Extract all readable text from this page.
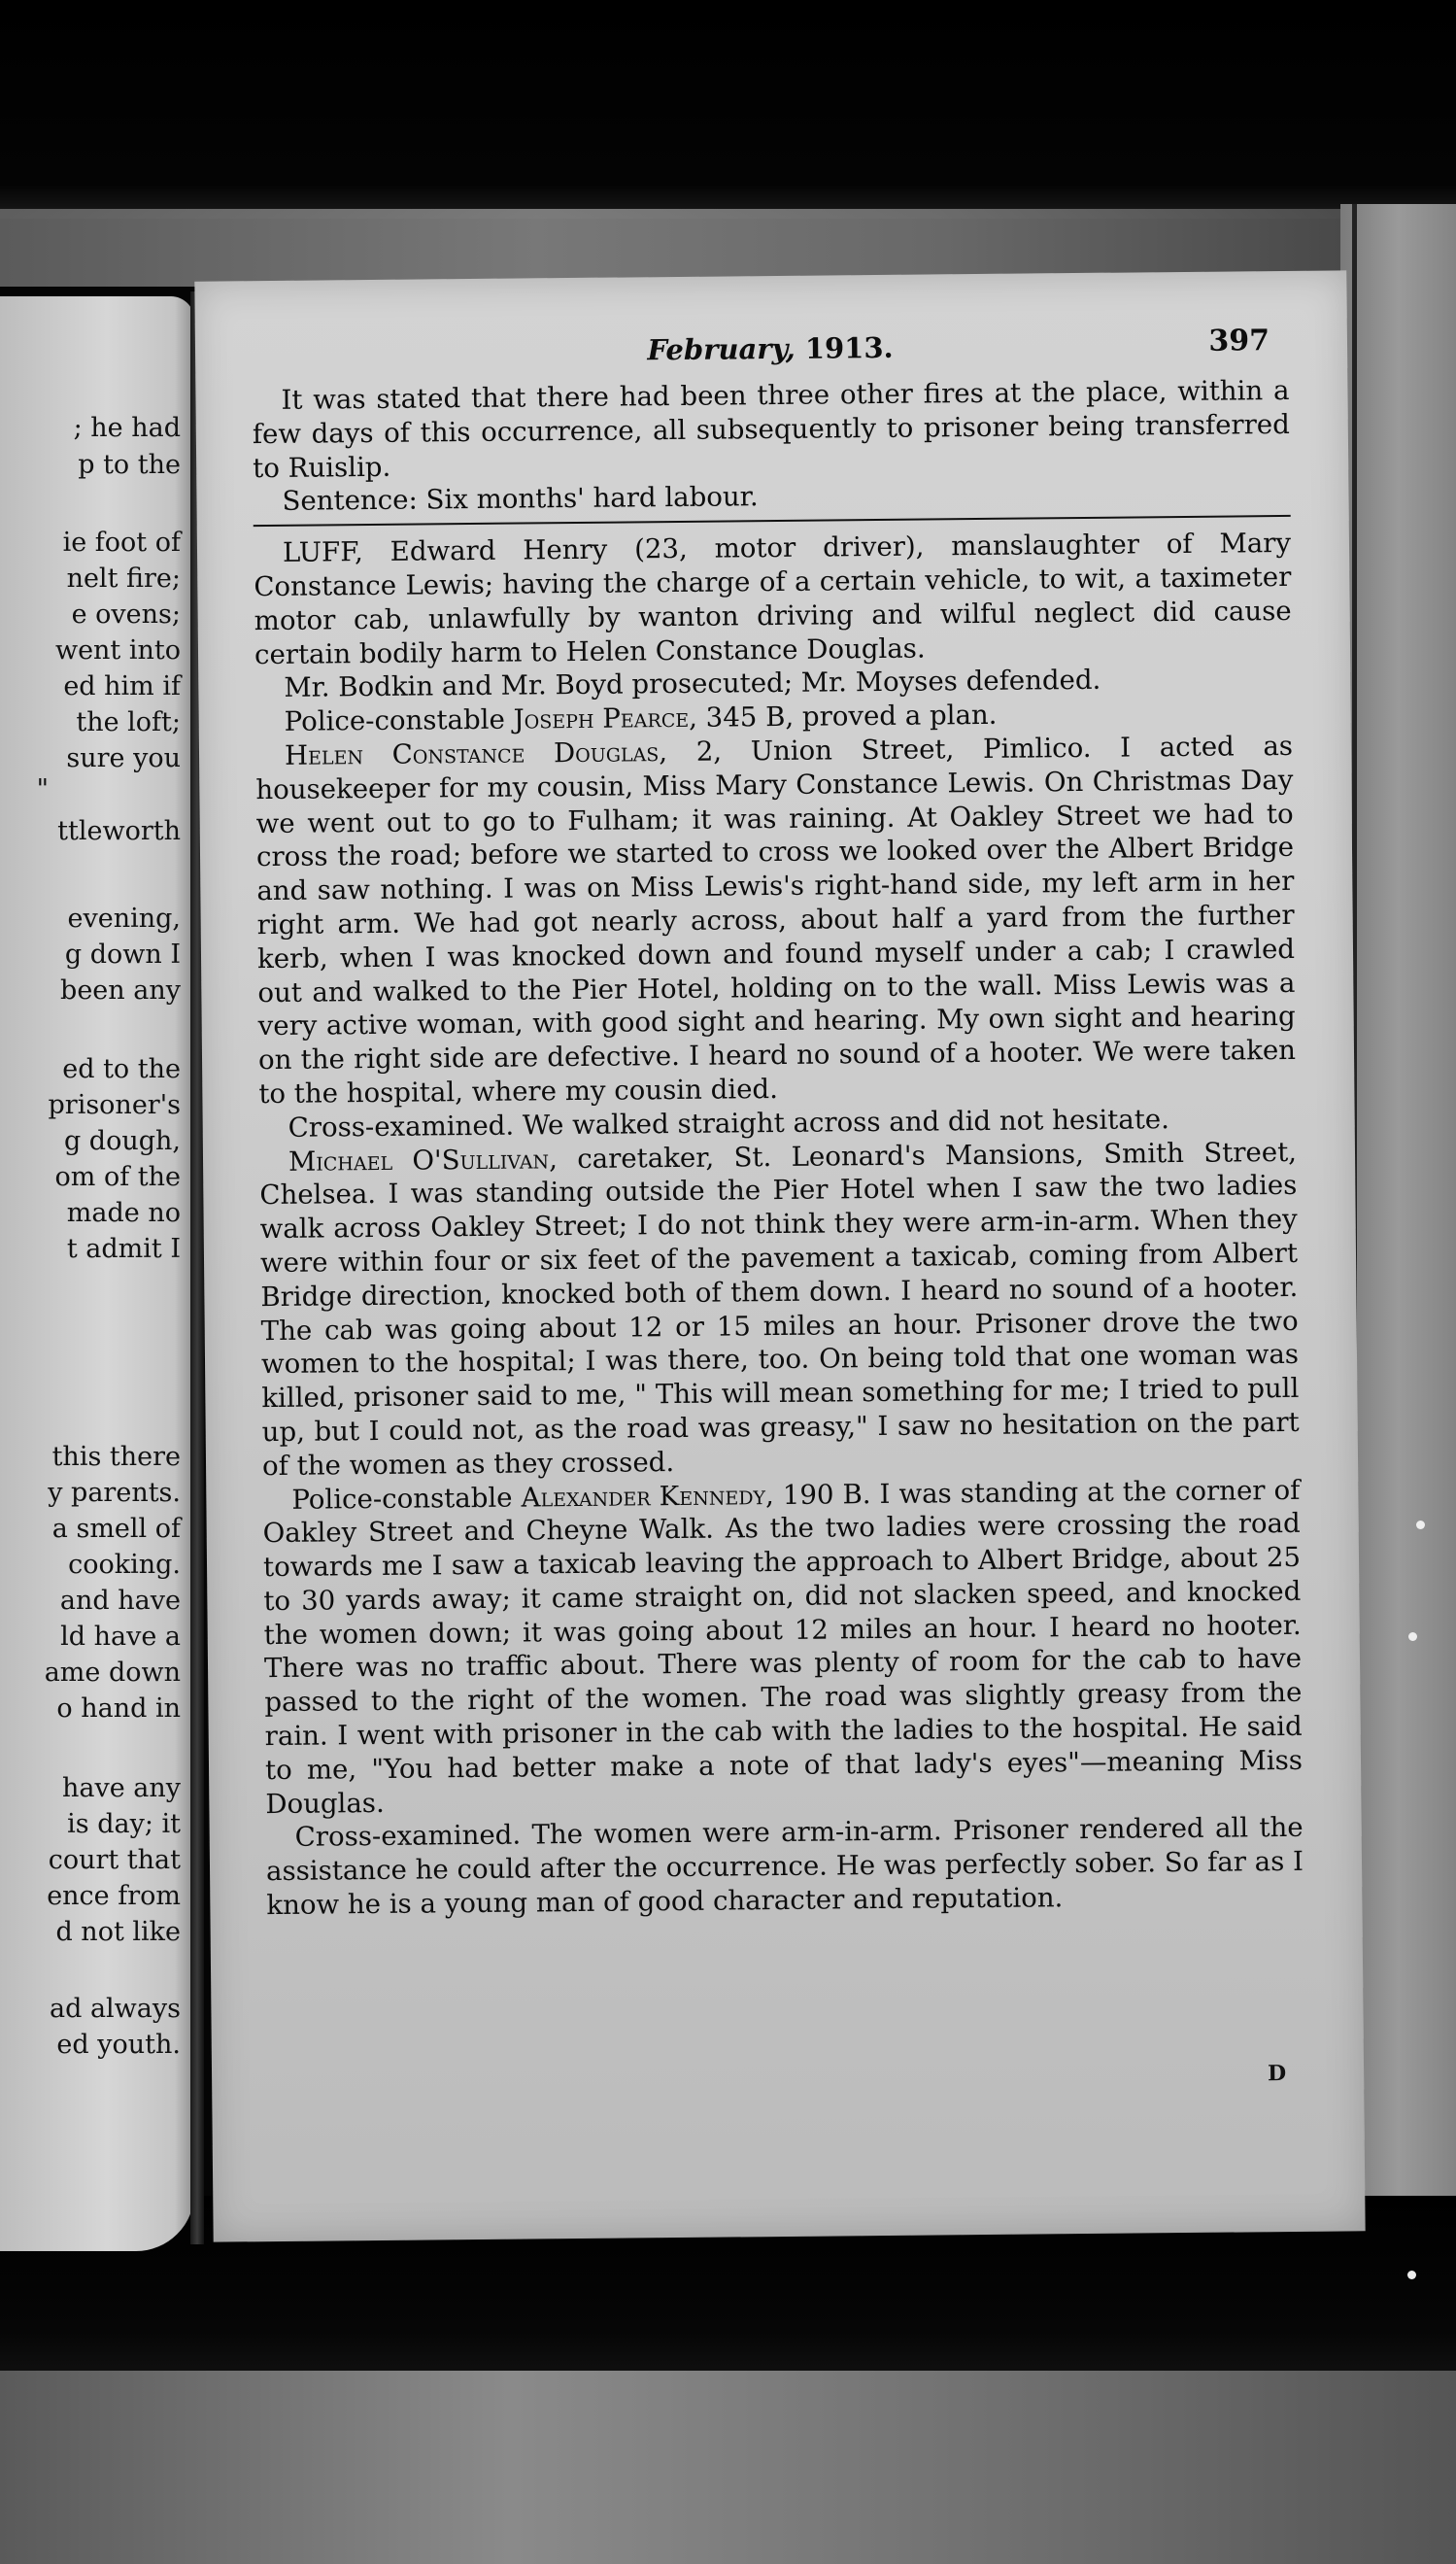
; he had
p to the
ie foot of
nelt fire;
e ovens;
went into
ed him if
the loft;
sure you
"
ttleworth
evening,
g down I
been any
ed to the
prisoner's
g dough,
om of the
made no
t admit I
this there
y parents.
a smell of
cooking.
and have
ld have a
ame down
o hand in
have any
is day; it
court that
ence from
d not like
ad always
ed youth.
February, 1913.	397

It was stated that there had been three other fires at the place, within a few days of this occurrence, all subsequently to prisoner being transferred to Ruislip.

Sentence: Six months' hard labour.

LUFF, Edward Henry (23, motor driver), manslaughter of Mary Constance Lewis; having the charge of a certain vehicle, to wit, a taximeter motor cab, unlawfully by wanton driving and wilful neglect did cause certain bodily harm to Helen Constance Douglas.

Mr. Bodkin and Mr. Boyd prosecuted; Mr. Moyses defended.

Police-constable Joseph Pearce, 345 B, proved a plan.

Helen Constance Douglas, 2, Union Street, Pimlico. I acted as housekeeper for my cousin, Miss Mary Constance Lewis. On Christmas Day we went out to go to Fulham; it was raining. At Oakley Street we had to cross the road; before we started to cross we looked over the Albert Bridge and saw nothing. I was on Miss Lewis's right-hand side, my left arm in her right arm. We had got nearly across, about half a yard from the further kerb, when I was knocked down and found myself under a cab; I crawled out and walked to the Pier Hotel, holding on to the wall. Miss Lewis was a very active woman, with good sight and hearing. My own sight and hearing on the right side are defective. I heard no sound of a hooter. We were taken to the hospital, where my cousin died.

Cross-examined. We walked straight across and did not hesitate.

Michael O'Sullivan, caretaker, St. Leonard's Mansions, Smith Street, Chelsea. I was standing outside the Pier Hotel when I saw the two ladies walk across Oakley Street; I do not think they were arm-in-arm. When they were within four or six feet of the pavement a taxicab, coming from Albert Bridge direction, knocked both of them down. I heard no sound of a hooter. The cab was going about 12 or 15 miles an hour. Prisoner drove the two women to the hospital; I was there, too. On being told that one woman was killed, prisoner said to me, " This will mean something for me; I tried to pull up, but I could not, as the road was greasy," I saw no hesitation on the part of the women as they crossed.

Police-constable Alexander Kennedy, 190 B. I was standing at the corner of Oakley Street and Cheyne Walk. As the two ladies were crossing the road towards me I saw a taxicab leaving the approach to Albert Bridge, about 25 to 30 yards away; it came straight on, did not slacken speed, and knocked the women down; it was going about 12 miles an hour. I heard no hooter. There was no traffic about. There was plenty of room for the cab to have passed to the right of the women. The road was slightly greasy from the rain. I went with prisoner in the cab with the ladies to the hospital. He said to me, "You had better make a note of that lady's eyes"—meaning Miss Douglas.

Cross-examined. The women were arm-in-arm. Prisoner rendered all the assistance he could after the occurrence. He was perfectly sober. So far as I know he is a young man of good character and reputation.

D
